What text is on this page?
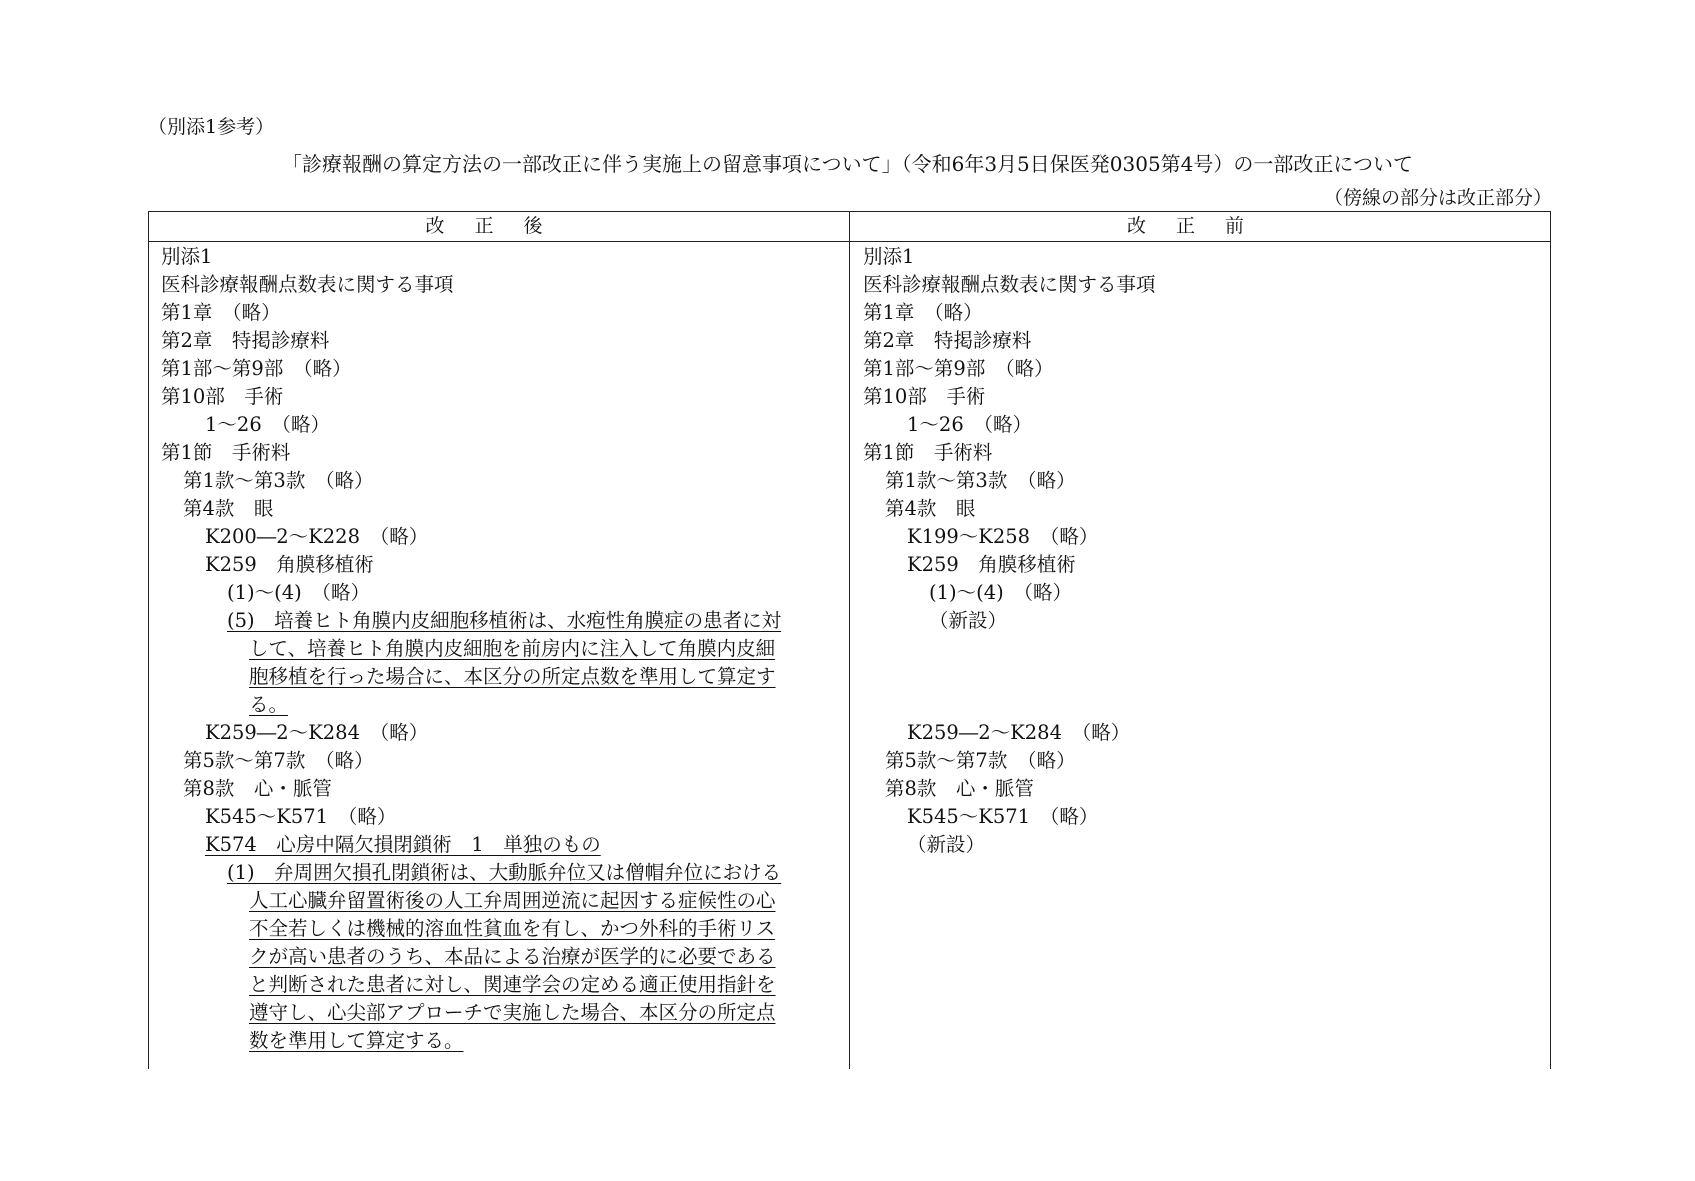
（別添1参考）
「診療報酬の算定方法の一部改正に伴う実施上の留意事項について」（令和6年3月5日保医発0305第4号）の一部改正について
（傍線の部分は改正部分）
改正後	改正前
別添1
医科診療報酬点数表に関する事項
第1章　（略）
第2章　特掲診療料
第1部～第9部　（略）
第10部　手術
1～26　（略）
第1節　手術料
第1款～第3款　（略）
第4款　眼
K200―2～K228　（略）
K259　角膜移植術
(1)～(4)　（略）
(5)　培養ヒト角膜内皮細胞移植術は、水疱性角膜症の患者に対
して、培養ヒト角膜内皮細胞を前房内に注入して角膜内皮細
胞移植を行った場合に、本区分の所定点数を準用して算定す
る。
K259―2～K284　（略）
第5款～第7款　（略）
第8款　心・脈管
K545～K571　（略）
K574　心房中隔欠損閉鎖術　1　単独のもの
(1)　弁周囲欠損孔閉鎖術は、大動脈弁位又は僧帽弁位における
人工心臓弁留置術後の人工弁周囲逆流に起因する症候性の心
不全若しくは機械的溶血性貧血を有し、かつ外科的手術リス
クが高い患者のうち、本品による治療が医学的に必要である
と判断された患者に対し、関連学会の定める適正使用指針を
遵守し、心尖部アプローチで実施した場合、本区分の所定点
数を準用して算定する。
別添1
医科診療報酬点数表に関する事項
第1章　（略）
第2章　特掲診療料
第1部～第9部　（略）
第10部　手術
1～26　（略）
第1節　手術料
第1款～第3款　（略）
第4款　眼
K199～K258　（略）
K259　角膜移植術
(1)～(4)　（略）
（新設）
K259―2～K284　（略）
第5款～第7款　（略）
第8款　心・脈管
K545～K571　（略）
（新設）
